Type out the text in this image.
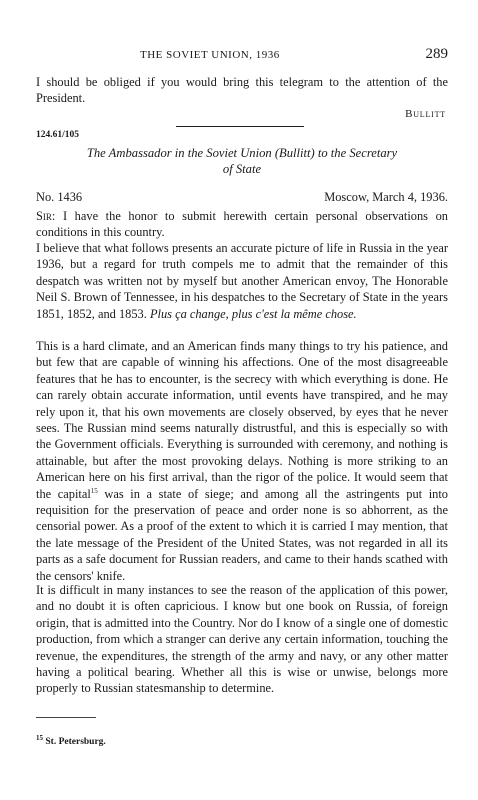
THE SOVIET UNION, 1936	289

I should be obliged if you would bring this telegram to the attention of the President.

Bullitt
124.61/105
The Ambassador in the Soviet Union (Bullitt) to the Secretary
of State
No. 1436	Moscow, March 4, 1936.

Sir: I have the honor to submit herewith certain personal observations on conditions in this country.

I believe that what follows presents an accurate picture of life in Russia in the year 1936, but a regard for truth compels me to admit that the remainder of this despatch was written not by myself but another American envoy, The Honorable Neil S. Brown of Tennessee, in his despatches to the Secretary of State in the years 1851, 1852, and 1853. Plus ça change, plus c'est la même chose.

This is a hard climate, and an American finds many things to try his patience, and but few that are capable of winning his affections. One of the most disagreeable features that he has to encounter, is the secrecy with which everything is done. He can rarely obtain accurate information, until events have transpired, and he may rely upon it, that his own movements are closely observed, by eyes that he never sees. The Russian mind seems naturally distrustful, and this is especially so with the Government officials. Everything is surrounded with ceremony, and nothing is attainable, but after the most provoking delays. Nothing is more striking to an American here on his first arrival, than the rigor of the police. It would seem that the capital$^{15}$ was in a state of siege; and among all the astringents put into requisition for the preservation of peace and order none is so abhorrent, as the censorial power. As a proof of the extent to which it is carried I may mention, that the late message of the President of the United States, was not regarded in all its parts as a safe document for Russian readers, and came to their hands scathed with the censors' knife.

It is difficult in many instances to see the reason of the application of this power, and no doubt it is often capricious. I know but one book on Russia, of foreign origin, that is admitted into the Country. Nor do I know of a single one of domestic production, from which a stranger can derive any certain information, touching the revenue, the expenditures, the strength of the army and navy, or any other matter having a political bearing. Whether all this is wise or unwise, belongs more properly to Russian statesmanship to determine.

$^{15}$ St. Petersburg.
